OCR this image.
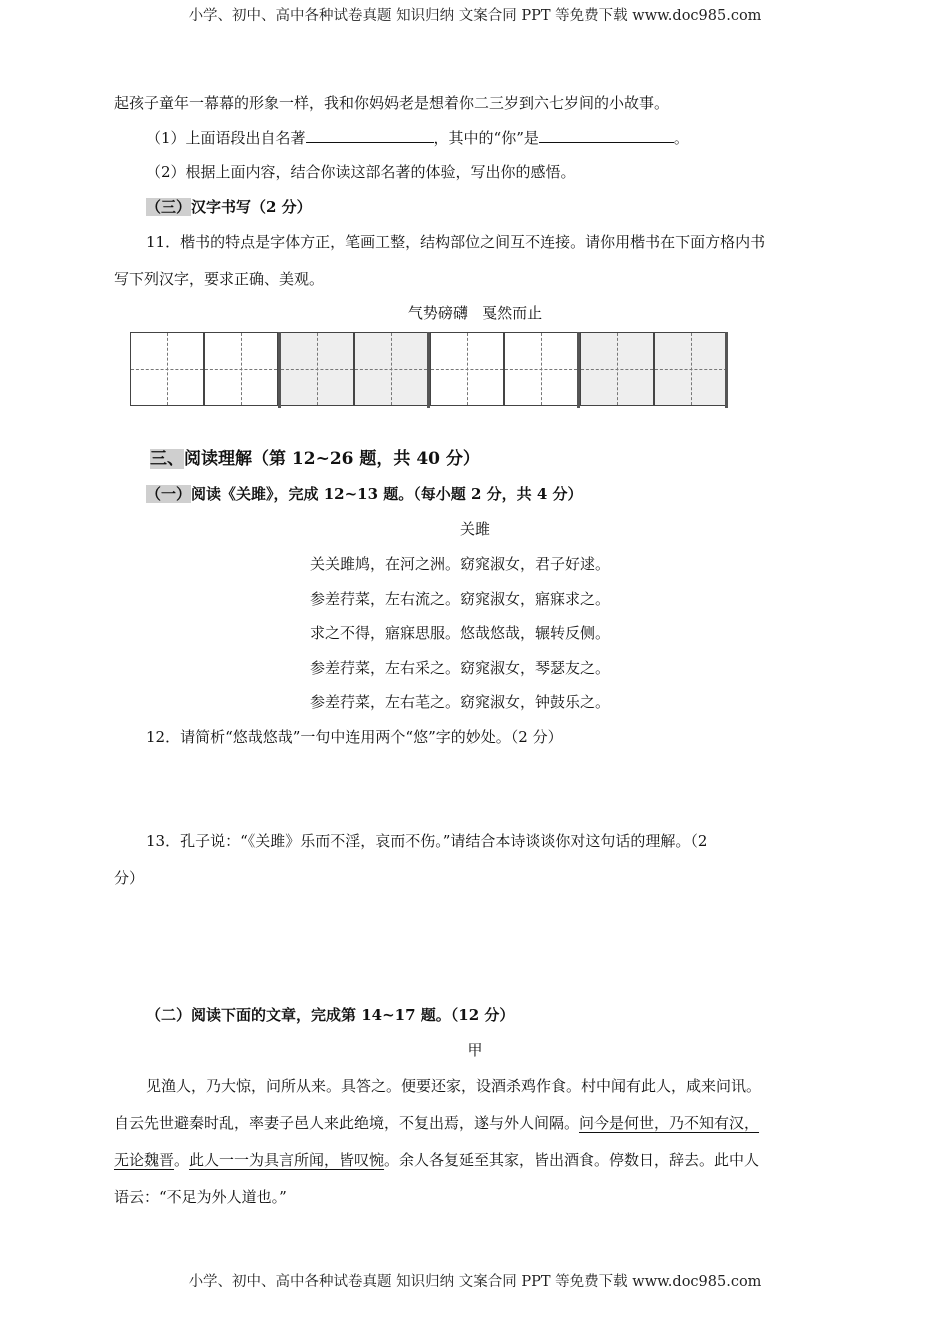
小学、初中、高中各种试卷真题 知识归纳 文案合同 PPT 等免费下载 www.doc985.com
起孩子童年一幕幕的形象一样，我和你妈妈老是想着你二三岁到六七岁间的小故事。
（1）上面语段出自名著	，其中的“你”是	。
（2）根据上面内容，结合你读这部名著的体验，写出你的感悟。
（三）汉字书写（2 分）
11．楷书的特点是字体方正，笔画工整，结构部位之间互不连接。请你用楷书在下面方格内书
写下列汉字，要求正确、美观。
气势磅礴   戛然而止
三、阅读理解（第 12~26 题，共 40 分）
（一）阅读《关雎》，完成 12~13 题。（每小题 2 分，共 4 分）
关雎
关关雎鸠，在河之洲。窈窕淑女，君子好逑。
参差荇菜，左右流之。窈窕淑女，寤寐求之。
求之不得，寤寐思服。悠哉悠哉，辗转反侧。
参差荇菜，左右采之。窈窕淑女，琴瑟友之。
参差荇菜，左右芼之。窈窕淑女，钟鼓乐之。
12．请简析“悠哉悠哉”一句中连用两个“悠”字的妙处。（2 分）
13．孔子说：“《关雎》乐而不淫，哀而不伤。”请结合本诗谈谈你对这句话的理解。（2
分）
（二）阅读下面的文章，完成第 14~17 题。（12 分）
甲
见渔人，乃大惊，问所从来。具答之。便要还家，设酒杀鸡作食。村中闻有此人，咸来问讯。
自云先世避秦时乱，率妻子邑人来此绝境，不复出焉，遂与外人间隔。问今是何世，乃不知有汉，
无论魏晋。此人一一为具言所闻，皆叹惋。余人各复延至其家，皆出酒食。停数日，辞去。此中人
语云：“不足为外人道也。”
小学、初中、高中各种试卷真题 知识归纳 文案合同 PPT 等免费下载 www.doc985.com
